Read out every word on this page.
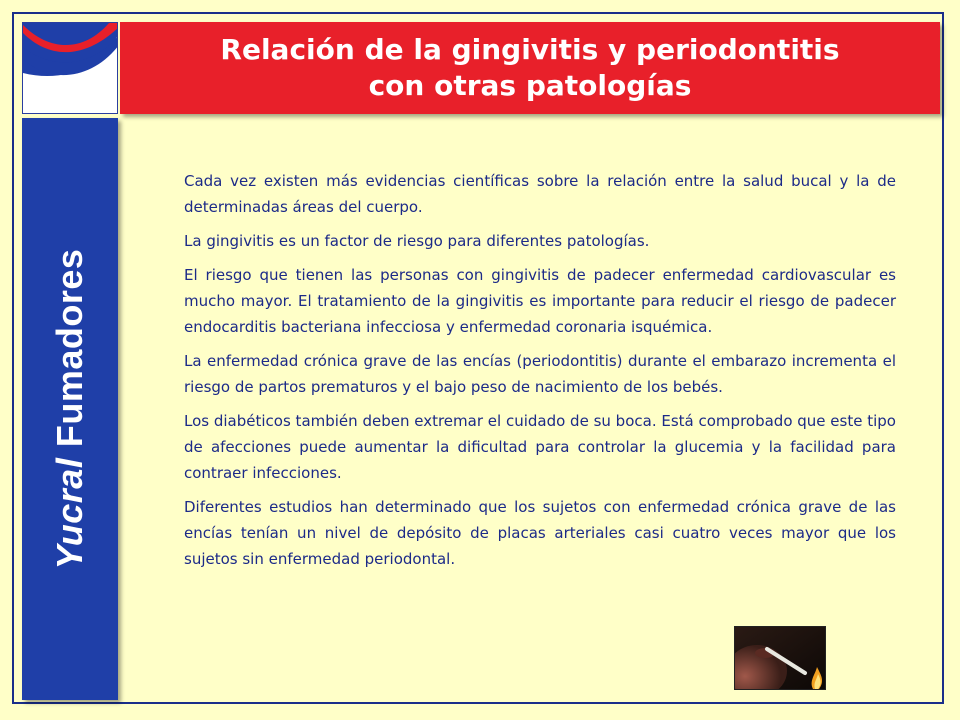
Yucral Fumadores
Relación de la gingivitis y periodontitis
con otras patologías

Cada vez existen más evidencias científicas sobre la relación entre la salud bucal y la de determinadas áreas del cuerpo.

La gingivitis es un factor de riesgo para diferentes patologías.

El riesgo que tienen las personas con gingivitis de padecer enfermedad cardiovascular es mucho mayor. El tratamiento de la gingivitis es importante para reducir el riesgo de padecer endocarditis bacteriana infecciosa y enfermedad coronaria isquémica.

La enfermedad crónica grave de las encías (periodontitis) durante el embarazo incrementa el riesgo de partos prematuros y el bajo peso de nacimiento de los bebés.

Los diabéticos también deben extremar el cuidado de su boca. Está comprobado que este tipo de afecciones puede aumentar la dificultad para controlar la glucemia y la facilidad para contraer infecciones.

Diferentes estudios han determinado que los sujetos con enfermedad crónica grave de las encías tenían un nivel de depósito de placas arteriales casi cuatro veces mayor que los sujetos sin enfermedad periodontal.
